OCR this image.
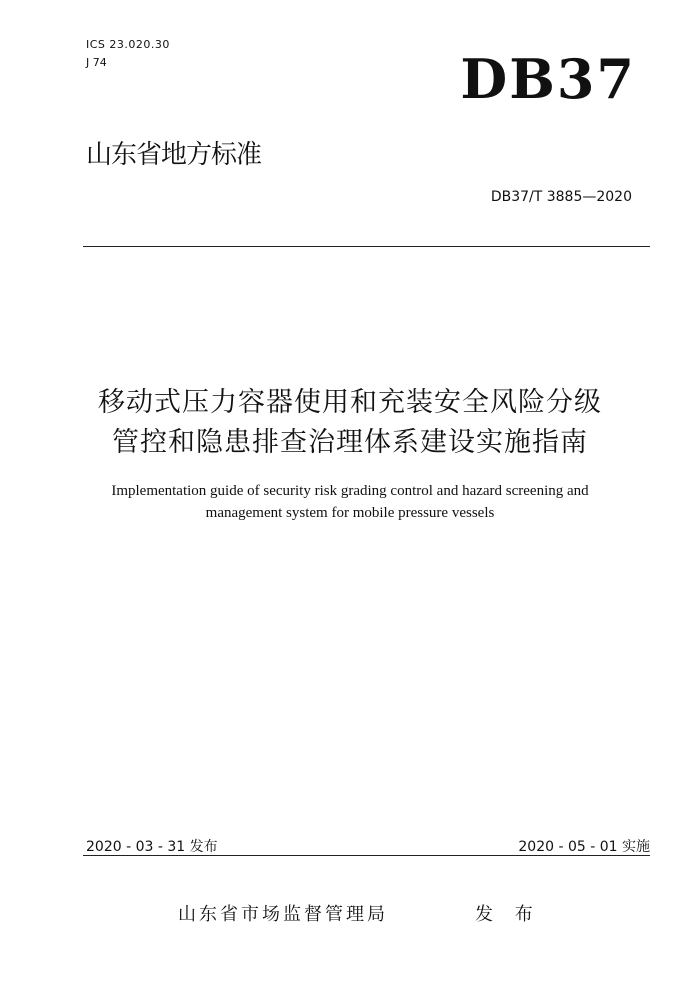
ICS 23.020.30
J 74	DB37
山东省地方标准
DB37/T 3885—2020
移动式压力容器使用和充装安全风险分级
管控和隐患排查治理体系建设实施指南
Implementation guide of security risk grading control and hazard screening and
management system for mobile pressure vessels
2020 - 03 - 31 发布	2020 - 05 - 01 实施
山东省市场监督管理局	发 布
